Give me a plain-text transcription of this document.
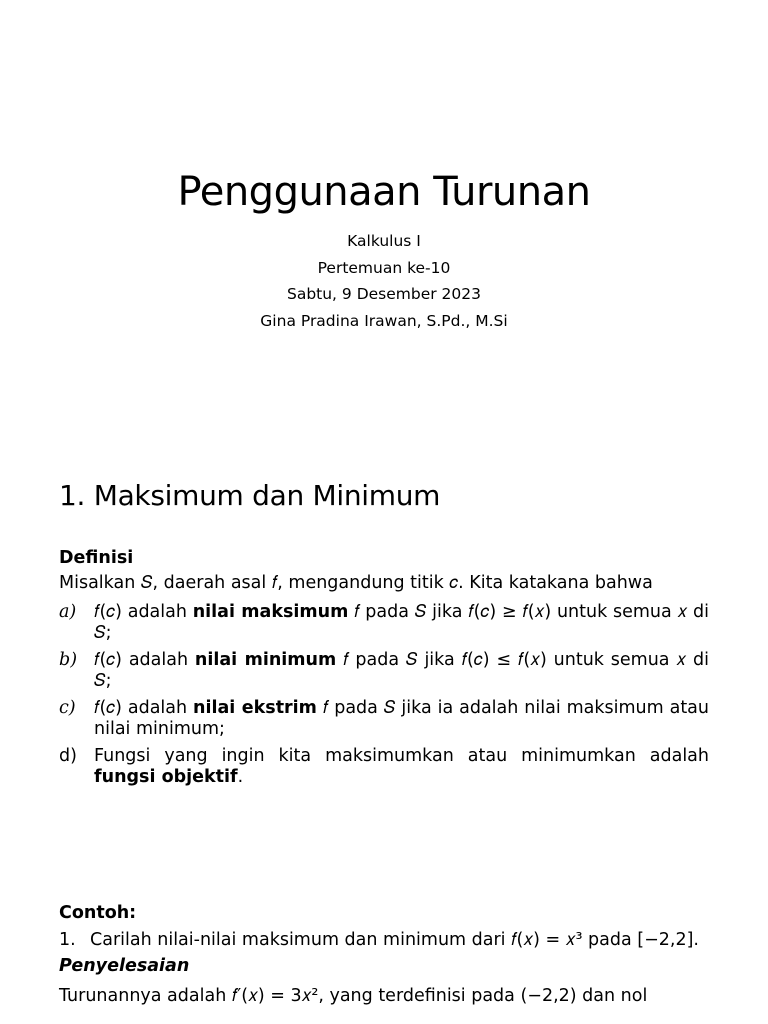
Penggunaan Turunan
Kalkulus I
Pertemuan ke-10
Sabtu, 9 Desember 2023
Gina Pradina Irawan, S.Pd., M.Si
1. Maksimum dan Minimum
Definisi
Misalkan 𝑆, daerah asal 𝑓, mengandung titik 𝑐. Kita katakana bahwa
a)	𝑓(𝑐) adalah nilai maksimum 𝑓 pada 𝑆 jika 𝑓(𝑐) ≥ 𝑓(𝑥) untuk semua 𝑥 di 𝑆;
b) 𝑓(𝑐) adalah nilai minimum 𝑓 pada 𝑆 jika 𝑓(𝑐) ≤ 𝑓(𝑥) untuk semua 𝑥 di 𝑆;
c)	𝑓(𝑐) adalah nilai ekstrim 𝑓 pada 𝑆 jika ia adalah nilai maksimum atau nilai minimum;
d) Fungsi yang ingin kita maksimumkan atau minimumkan adalah fungsi objektif.
Contoh:
1. Carilah nilai-nilai maksimum dan minimum dari 𝑓(𝑥) = 𝑥³ pada [−2,2].
Penyelesaian
Turunannya adalah 𝑓′(𝑥) = 3𝑥², yang terdefinisi pada (−2,2) dan nol
